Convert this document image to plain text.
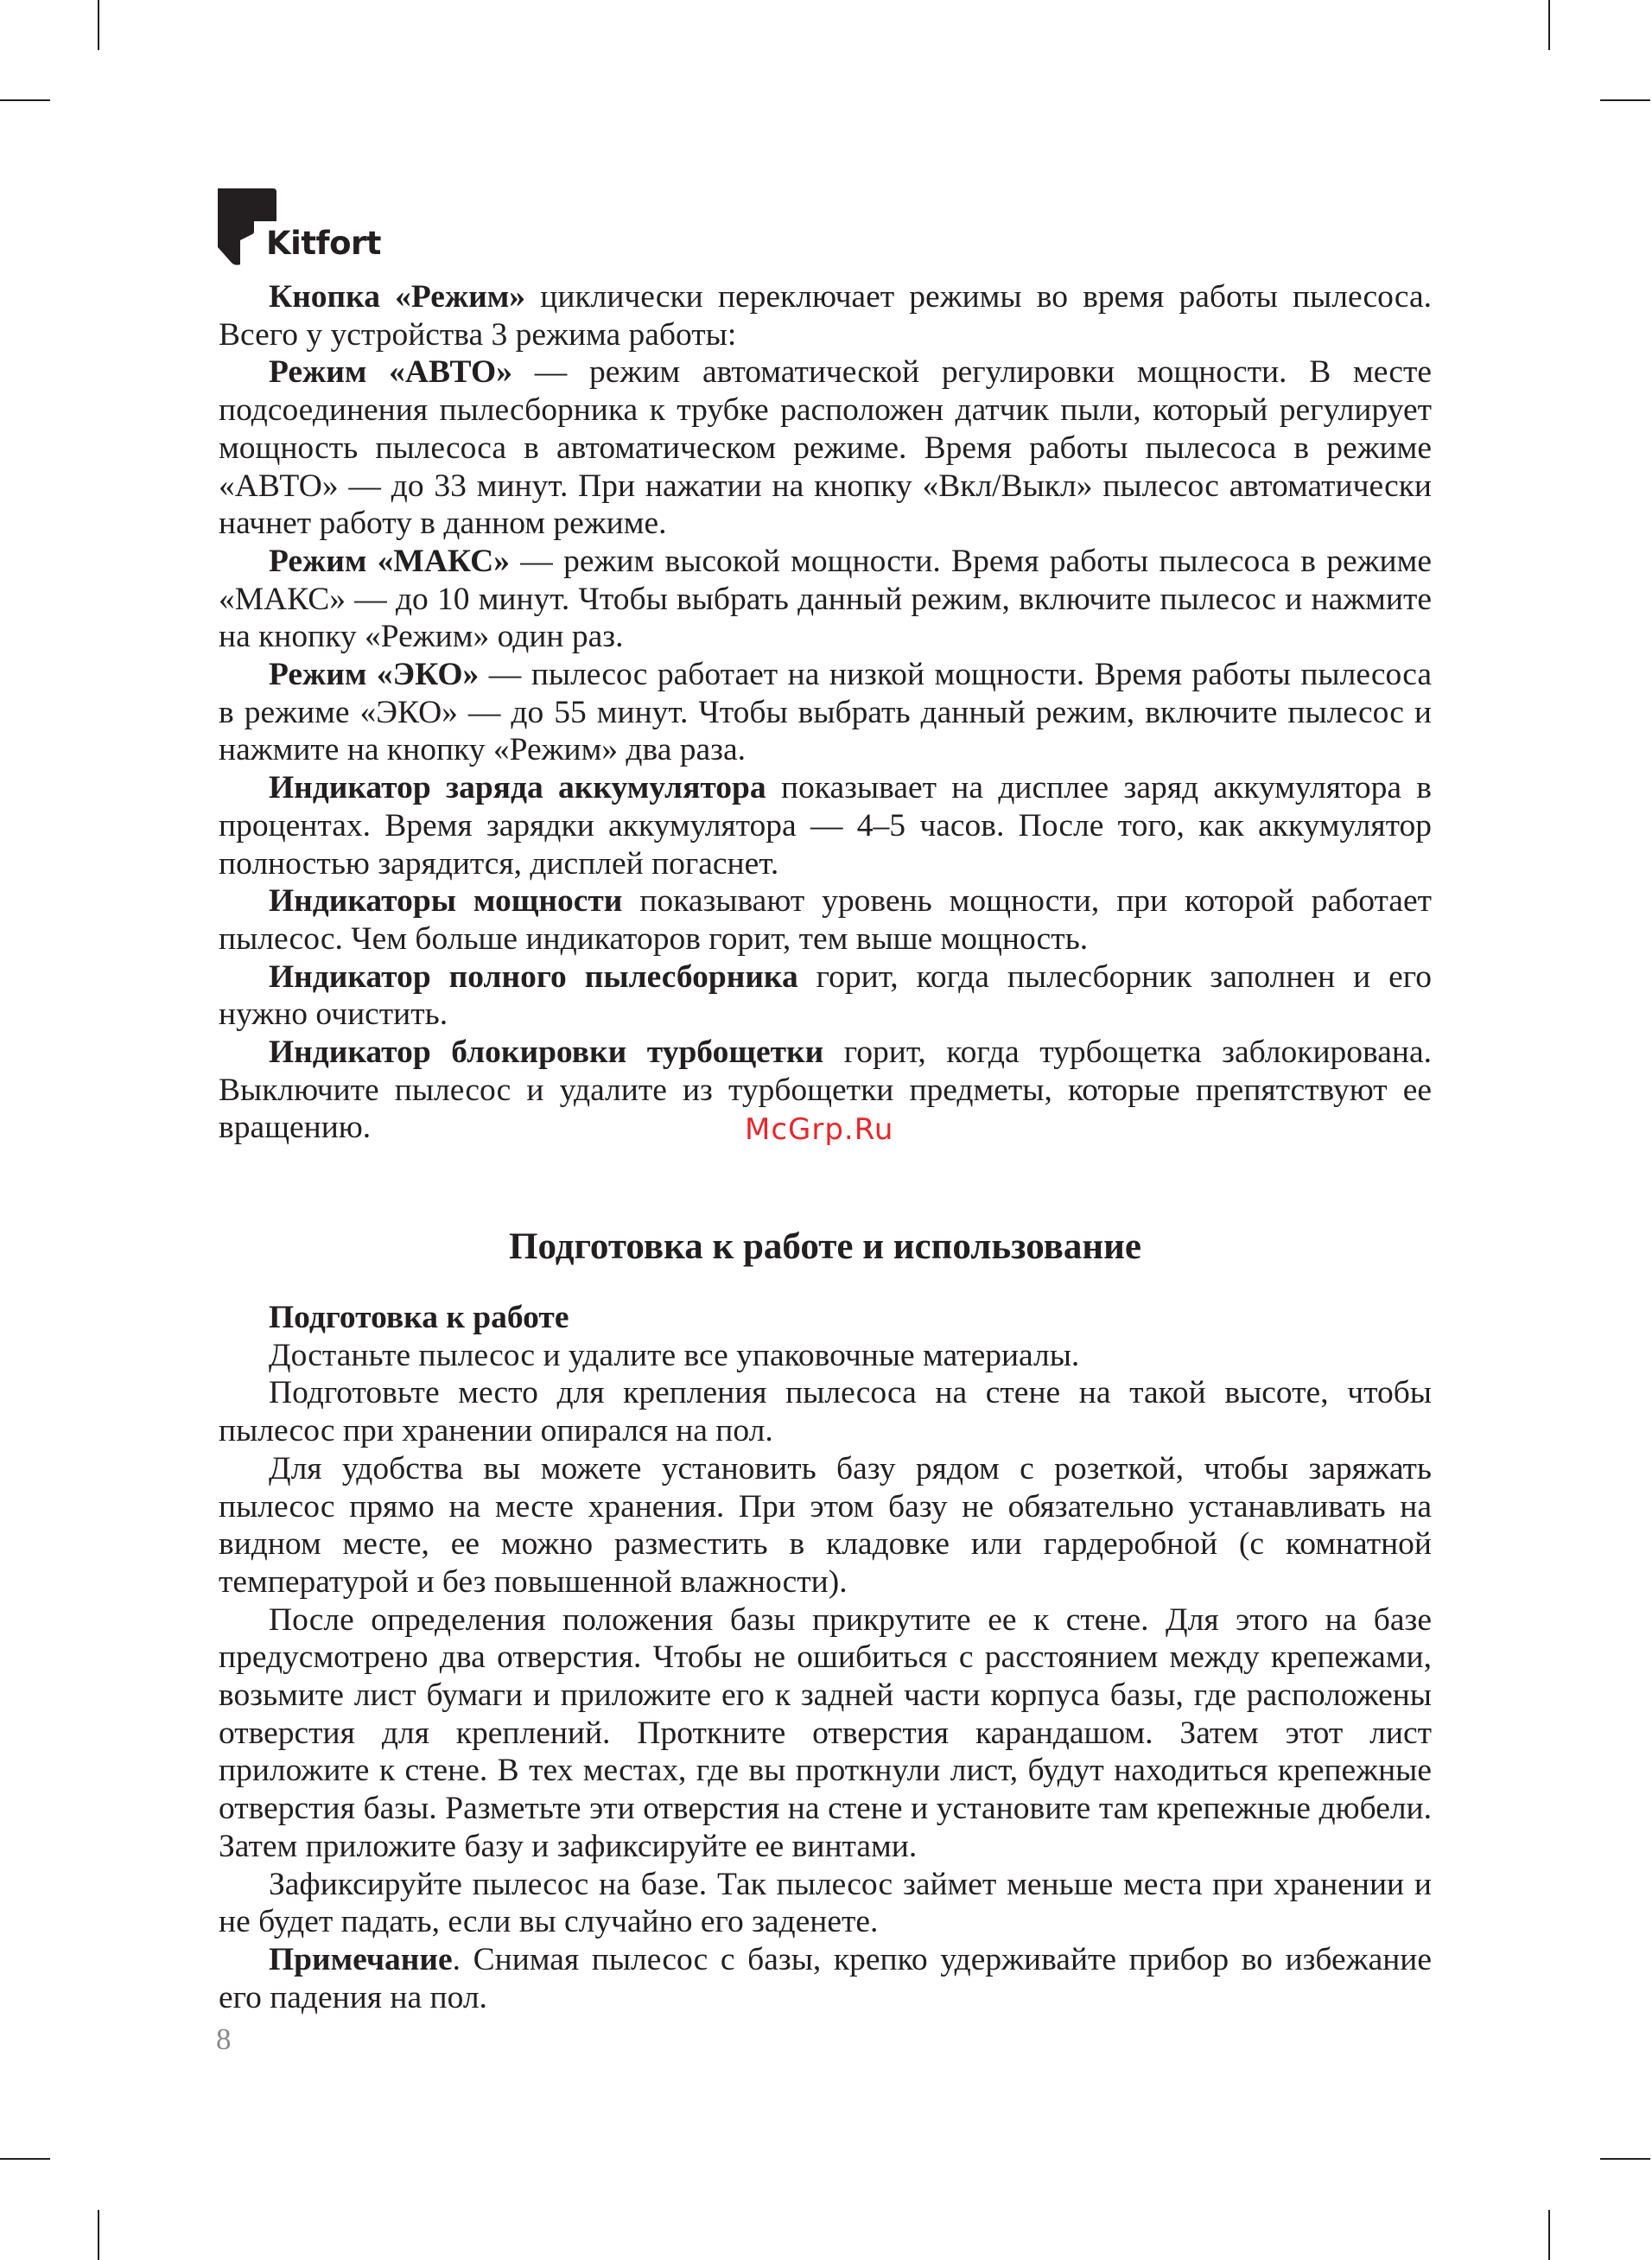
Kitfort

Кнопка «Режим» циклически переключает режимы во время работы пылесоса. Всего у устройства 3 режима работы:

Режим «АВТО» — режим автоматической регулировки мощности. В месте подсоединения пылесборника к трубке расположен датчик пыли, который регулирует мощность пылесоса в автоматическом режиме. Время работы пылесоса в режиме «АВТО» — до 33 минут. При нажатии на кнопку «Вкл/Выкл» пылесос автоматически начнет работу в данном режиме.

Режим «МАКС» — режим высокой мощности. Время работы пылесоса в режиме «МАКС» — до 10 минут. Чтобы выбрать данный режим, включите пылесос и нажмите на кнопку «Режим» один раз.

Режим «ЭКО» — пылесос работает на низкой мощности. Время работы пылесоса в режиме «ЭКО» — до 55 минут. Чтобы выбрать данный режим, включите пылесос и нажмите на кнопку «Режим» два раза.

Индикатор заряда аккумулятора показывает на дисплее заряд аккумулятора в процентах. Время зарядки аккумулятора — 4–5 часов. После того, как аккумулятор полностью зарядится, дисплей погаснет.

Индикаторы мощности показывают уровень мощности, при которой работает пылесос. Чем больше индикаторов горит, тем выше мощность.

Индикатор полного пылесборника горит, когда пылесборник заполнен и его нужно очистить.

Индикатор блокировки турбощетки горит, когда турбощетка заблокирована. Выключите пылесос и удалите из турбощетки предметы, которые препятствуют ее вращению.	McGrp.Ru
Подготовка к работе и использование

Подготовка к работе

Достаньте пылесос и удалите все упаковочные материалы.

Подготовьте место для крепления пылесоса на стене на такой высоте, чтобы пылесос при хранении опирался на пол.

Для удобства вы можете установить базу рядом с розеткой, чтобы заряжать пылесос прямо на месте хранения. При этом базу не обязательно устанавливать на видном месте, ее можно разместить в кладовке или гардеробной (с комнатной температурой и без повышенной влажности).

После определения положения базы прикрутите ее к стене. Для этого на базе предусмотрено два отверстия. Чтобы не ошибиться с расстоянием между крепежами, возьмите лист бумаги и приложите его к задней части корпуса базы, где расположены отверстия для креплений. Проткните отверстия карандашом. Затем этот лист приложите к стене. В тех местах, где вы проткнули лист, будут находиться крепежные отверстия базы. Разметьте эти отверстия на стене и установите там крепежные дюбели. Затем приложите базу и зафиксируйте ее винтами.

Зафиксируйте пылесос на базе. Так пылесос займет меньше места при хранении и не будет падать, если вы случайно его заденете.

Примечание. Снимая пылесос с базы, крепко удерживайте прибор во избежание его падения на пол.

8
